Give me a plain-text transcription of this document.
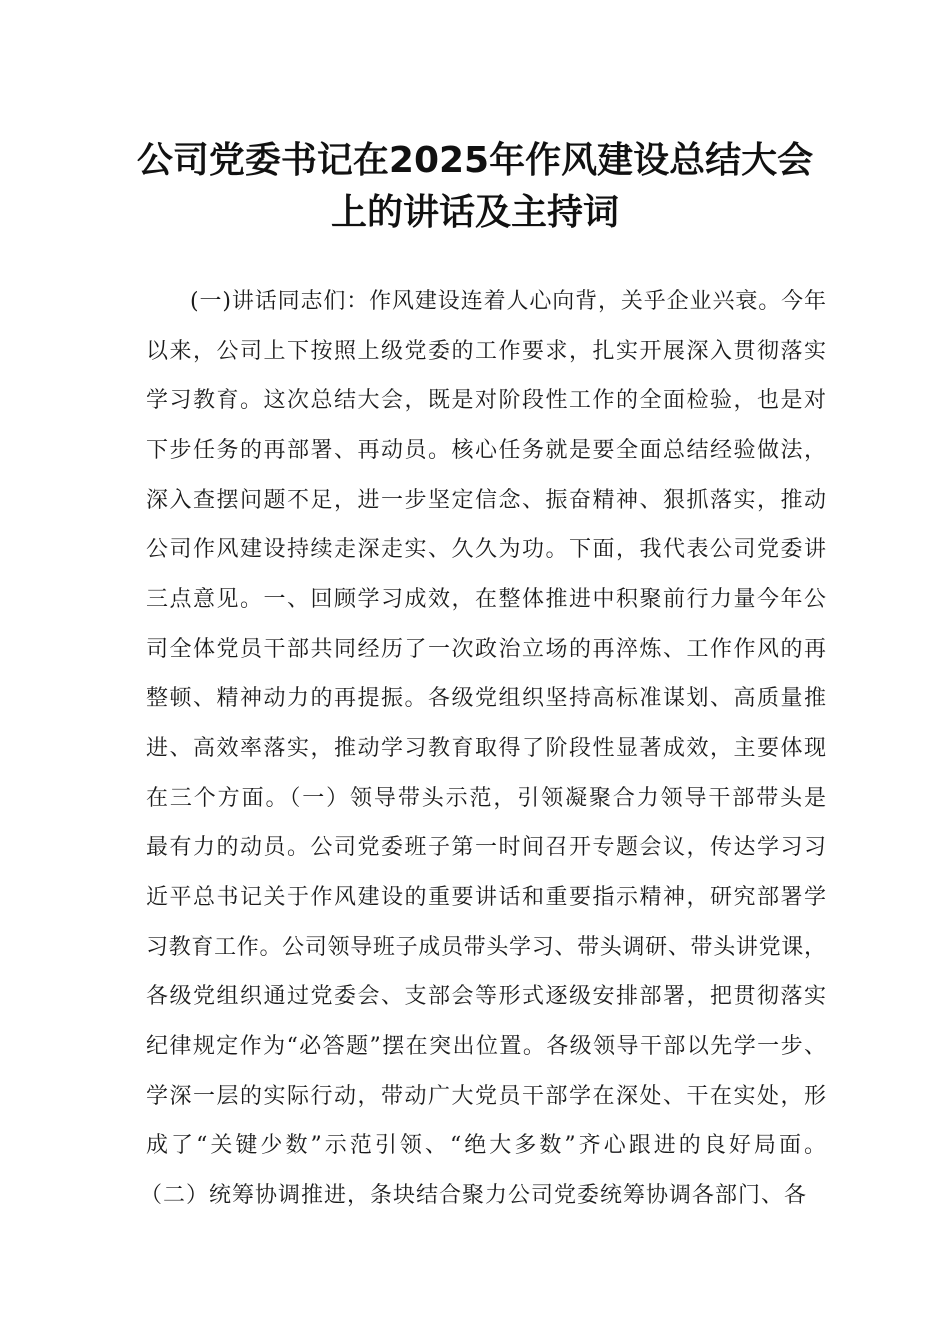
公司党委书记在2025年作风建设总结大会
上的讲话及主持词
(一)讲话同志们：作风建设连着人心向背，关乎企业兴衰。今年
以来，公司上下按照上级党委的工作要求，扎实开展深入贯彻落实
学习教育。这次总结大会，既是对阶段性工作的全面检验，也是对
下步任务的再部署、再动员。核心任务就是要全面总结经验做法，
深入查摆问题不足，进一步坚定信念、振奋精神、狠抓落实，推动
公司作风建设持续走深走实、久久为功。下面，我代表公司党委讲
三点意见。一、回顾学习成效，在整体推进中积聚前行力量今年公
司全体党员干部共同经历了一次政治立场的再淬炼、工作作风的再
整顿、精神动力的再提振。各级党组织坚持高标准谋划、高质量推
进、高效率落实，推动学习教育取得了阶段性显著成效，主要体现
在三个方面。（一）领导带头示范，引领凝聚合力领导干部带头是
最有力的动员。公司党委班子第一时间召开专题会议，传达学习习
近平总书记关于作风建设的重要讲话和重要指示精神，研究部署学
习教育工作。公司领导班子成员带头学习、带头调研、带头讲党课，
各级党组织通过党委会、支部会等形式逐级安排部署，把贯彻落实
纪律规定作为“必答题”摆在突出位置。各级领导干部以先学一步、
学深一层的实际行动，带动广大党员干部学在深处、干在实处，形
成了“关键少数”示范引领、“绝大多数”齐心跟进的良好局面。
（二）统筹协调推进，条块结合聚力公司党委统筹协调各部门、各
